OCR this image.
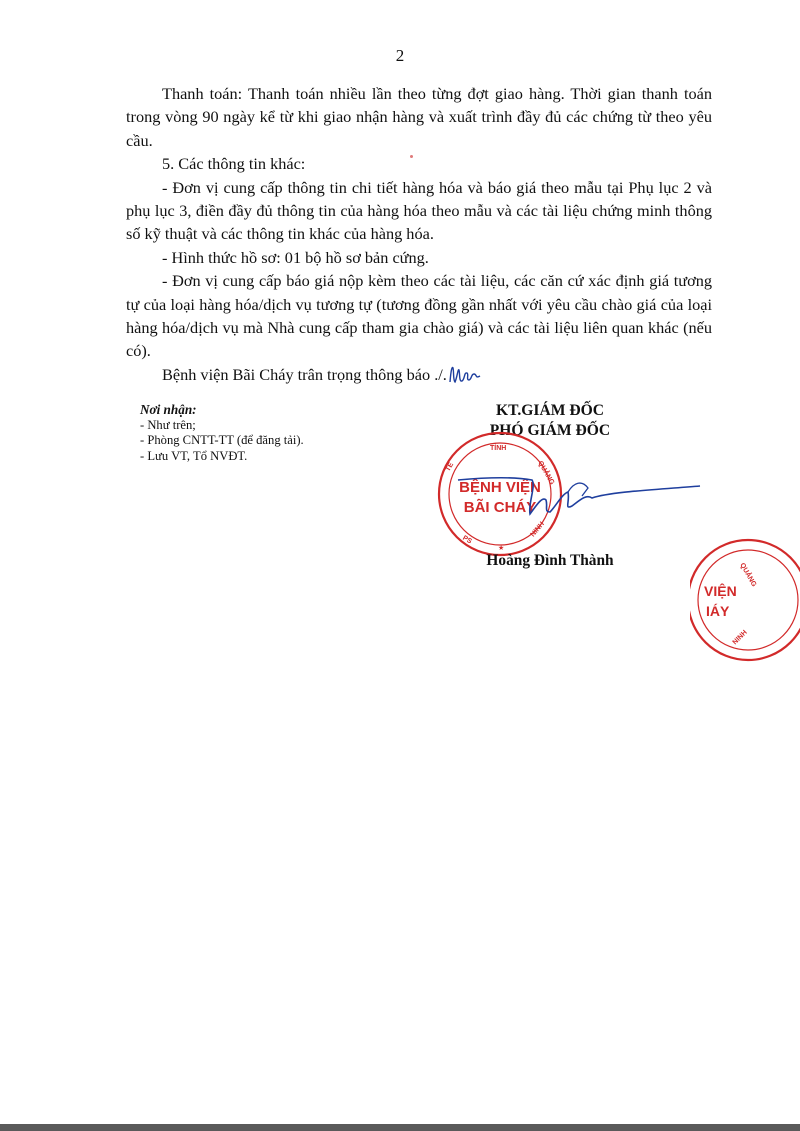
2

Thanh toán: Thanh toán nhiều lần theo từng đợt giao hàng. Thời gian thanh toán trong vòng 90 ngày kể từ khi giao nhận hàng và xuất trình đầy đủ các chứng từ theo yêu cầu.

5. Các thông tin khác:

- Đơn vị cung cấp thông tin chi tiết hàng hóa và báo giá theo mẫu tại Phụ lục 2 và phụ lục 3, điền đầy đủ thông tin của hàng hóa theo mẫu và các tài liệu chứng minh thông số kỹ thuật và các thông tin khác của hàng hóa.

- Hình thức hồ sơ: 01 bộ hồ sơ bản cứng.

- Đơn vị cung cấp báo giá nộp kèm theo các tài liệu, các căn cứ xác định giá tương tự của loại hàng hóa/dịch vụ tương tự (tương đồng gần nhất với yêu cầu chào giá của loại hàng hóa/dịch vụ mà Nhà cung cấp tham gia chào giá) và các tài liệu liên quan khác (nếu có).

Bệnh viện Bãi Cháy trân trọng thông báo ./.

Nơi nhận:
- Như trên;
- Phòng CNTT-TT (để đăng tải).
- Lưu VT, Tổ NVĐT.
KT.GIÁM ĐỐC
PHÓ GIÁM ĐỐC
TỈNH
QUẢNG
NINH
TẾ
PS
★
BỆNH VIỆN
BÃI CHÁY
Hoàng Đình Thành
QUẢNG
NINH
VIỆN
IÁY
